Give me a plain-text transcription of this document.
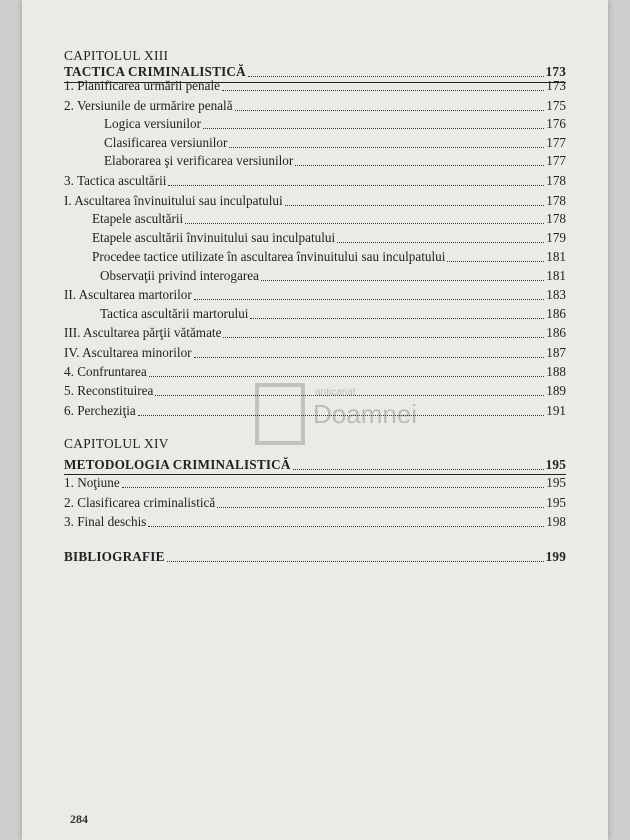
anticariat
Doamnei
CAPITOLUL XIII
TACTICA CRIMINALISTICĂ	173
1. Planificarea urmării penale	173
2. Versiunile de urmărire penală	175
Logica versiunilor	176
Clasificarea versiunilor	177
Elaborarea şi verificarea versiunilor	177
3. Tactica ascultării	178
I. Ascultarea învinuitului sau inculpatului	178
Etapele ascultării	178
Etapele ascultării învinuitului sau inculpatului	179
Procedee tactice utilizate în ascultarea învinuitului sau inculpatului	181
Observaţii privind interogarea	181
II. Ascultarea martorilor	183
Tactica ascultării martorului	186
III. Ascultarea părţii vătămate	186
IV. Ascultarea minorilor	187
4. Confruntarea	188
5. Reconstituirea	189
6. Percheziţia	191
CAPITOLUL XIV
METODOLOGIA CRIMINALISTICĂ	195
1. Noţiune	195
2. Clasificarea criminalistică	195
3. Final deschis	198
BIBLIOGRAFIE	199
284
